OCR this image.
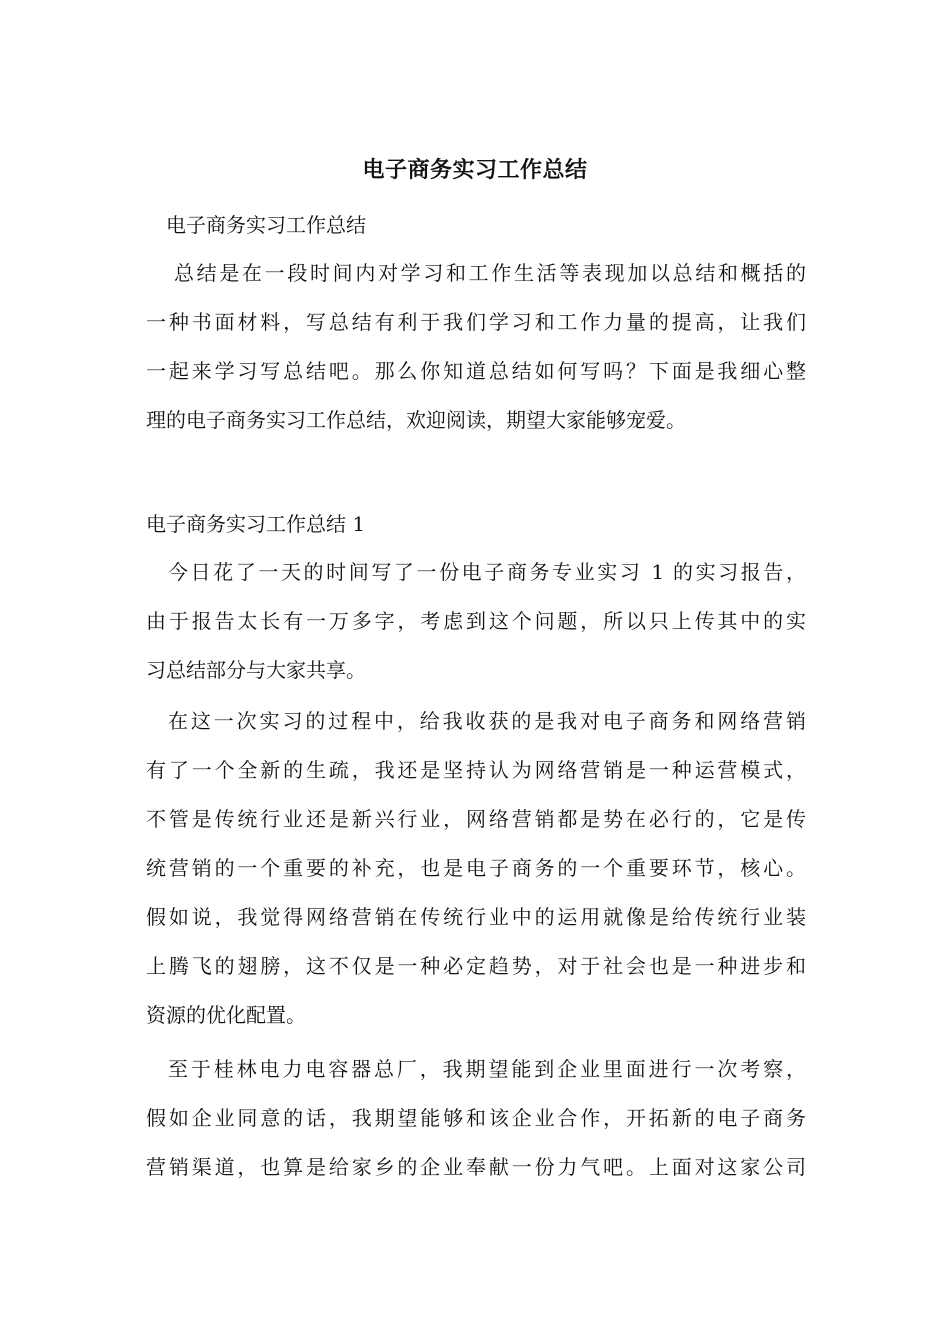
电子商务实习工作总结
电子商务实习工作总结
总结是在一段时间内对学习和工作生活等表现加以总结和概括的
一种书面材料，写总结有利于我们学习和工作力量的提高，让我们
一起来学习写总结吧。那么你知道总结如何写吗？下面是我细心整
理的电子商务实习工作总结，欢迎阅读，期望大家能够宠爱。
电子商务实习工作总结 1
今日花了一天的时间写了一份电子商务专业实习 1 的实习报告，
由于报告太长有一万多字，考虑到这个问题，所以只上传其中的实
习总结部分与大家共享。
在这一次实习的过程中，给我收获的是我对电子商务和网络营销
有了一个全新的生疏，我还是坚持认为网络营销是一种运营模式，
不管是传统行业还是新兴行业，网络营销都是势在必行的，它是传
统营销的一个重要的补充，也是电子商务的一个重要环节，核心。
假如说，我觉得网络营销在传统行业中的运用就像是给传统行业装
上腾飞的翅膀，这不仅是一种必定趋势，对于社会也是一种进步和
资源的优化配置。
至于桂林电力电容器总厂，我期望能到企业里面进行一次考察，
假如企业同意的话，我期望能够和该企业合作，开拓新的电子商务
营销渠道，也算是给家乡的企业奉献一份力气吧。上面对这家公司
